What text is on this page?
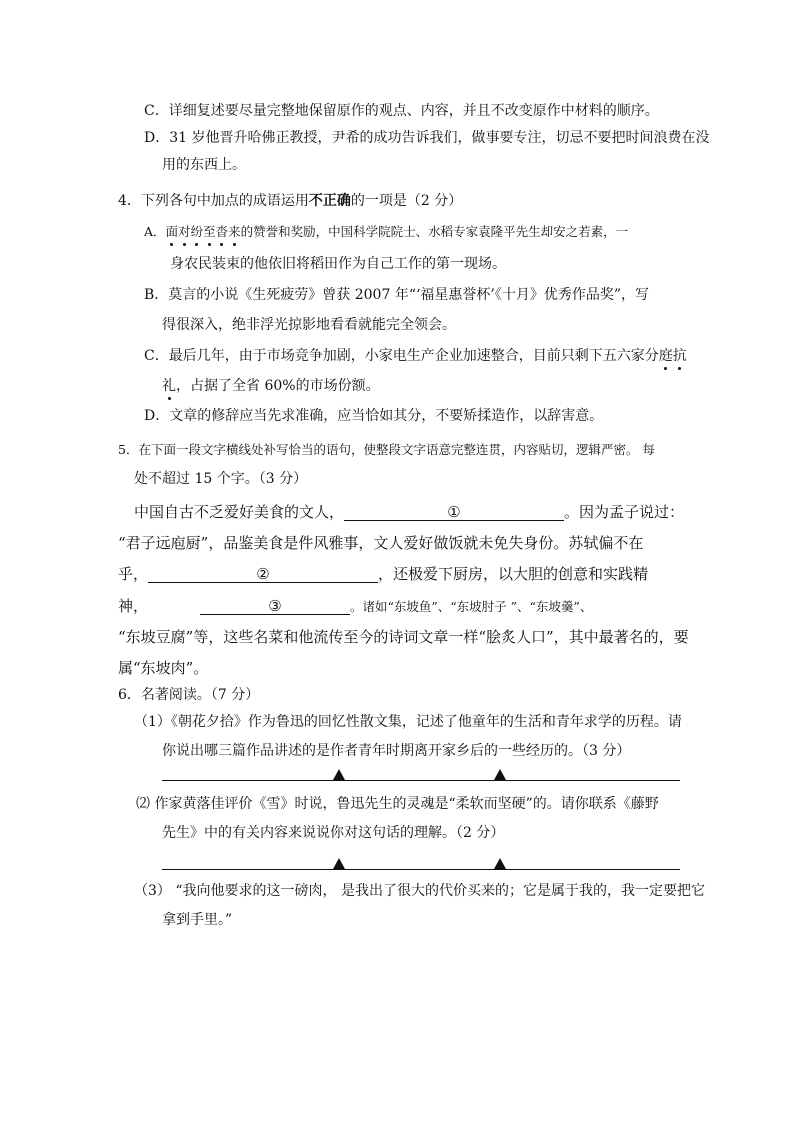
C．详细复述要尽量完整地保留原作的观点、内容，并且不改变原作中材料的顺序。
D．31 岁他晋升哈佛正教授，尹希的成功告诉我们，做事要专注，切忌不要把时间浪费在没
用的东西上。
4．下列各句中加点的成语运用不正确的一项是（2 分）
A．面对纷至沓来的赞誉和奖励，中国科学院院士、水稻专家袁隆平先生却安之若素，一
身农民装束的他依旧将稻田作为自己工作的第一现场。
B．莫言的小说《生死疲劳》曾获 2007 年“‘福星惠誉杯’《十月》优秀作品奖”，写
得很深入，绝非浮光掠影地看看就能完全领会。
C．最后几年，由于市场竞争加剧，小家电生产企业加速整合，目前只剩下五六家分庭抗
礼，占据了全省 60%的市场份额。
D．文章的修辞应当先求准确，应当恰如其分，不要矫揉造作，以辞害意。
5．在下面一段文字横线处补写恰当的语句，使整段文字语意完整连贯，内容贴切，逻辑严密。 每
处不超过 15 个字。（3 分）
中国自古不乏爱好美食的文人，	①	。因为孟子说过：
“君子远庖厨”，品鉴美食是件风雅事，文人爱好做饭就未免失身份。苏轼偏不在
乎，	②	，还极爱下厨房，以大胆的创意和实践精
神，	③	。诸如“东坡鱼”、“东坡肘子 ”、“东坡羹”、
“东坡豆腐”等，这些名菜和他流传至今的诗词文章一样“脍炙人口”，其中最著名的，要
属“东坡肉”。
6．名著阅读。（7 分）
（1）《朝花夕拾》作为鲁迅的回忆性散文集，记述了他童年的生活和青年求学的历程。请
你说出哪三篇作品讲述的是作者青年时期离开家乡后的一些经历的。（3 分）
⑵ 作家黄落佳评价《雪》时说，鲁迅先生的灵魂是“柔软而坚硬”的。请你联系《藤野
先生》中的有关内容来说说你对这句话的理解。（2 分）
（3） “我向他要求的这一磅肉， 是我出了很大的代价买来的；它是属于我的，我一定要把它
拿到手里。”
